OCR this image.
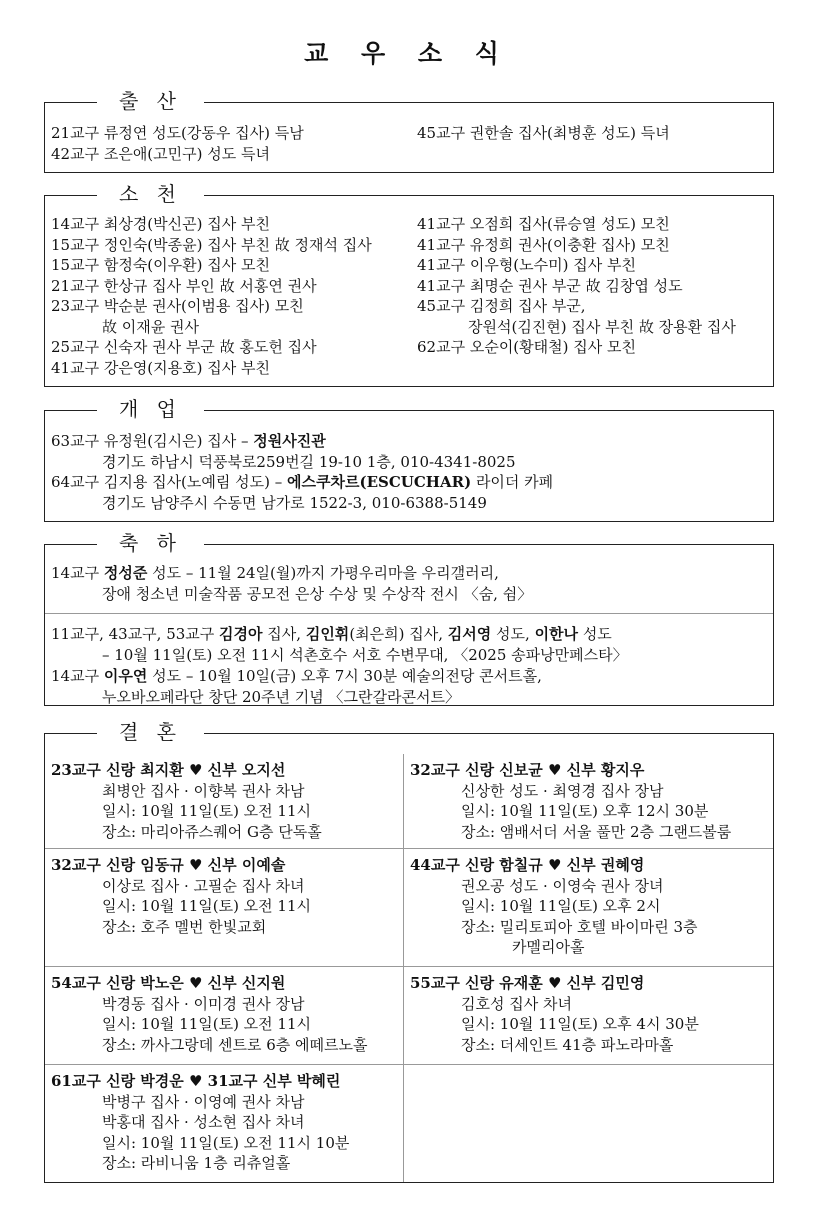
교 우 소 식
출 산
21교구 류정연 성도(강동우 집사) 득남
42교구 조은애(고민구) 성도 득녀
45교구 권한솔 집사(최병훈 성도) 득녀
소 천
14교구 최상경(박신곤) 집사 부친
15교구 정인숙(박종윤) 집사 부친 故 정재석 집사
15교구 함정숙(이우환) 집사 모친
21교구 한상규 집사 부인 故 서홍연 권사
23교구 박순분 권사(이범용 집사) 모친
故 이재윤 권사
25교구 신숙자 권사 부군 故 홍도헌 집사
41교구 강은영(지용호) 집사 부친
41교구 오점희 집사(류승열 성도) 모친
41교구 유정희 권사(이충환 집사) 모친
41교구 이우형(노수미) 집사 부친
41교구 최명순 권사 부군 故 김창엽 성도
45교구 김정희 집사 부군,
장원석(김진현) 집사 부친 故 장용환 집사
62교구 오순이(황태철) 집사 모친
개 업
63교구 유정원(김시은) 집사 – 정원사진관
경기도 하남시 덕풍북로259번길 19-10 1층, 010-4341-8025
64교구 김지용 집사(노예림 성도) – 에스쿠차르(ESCUCHAR) 라이더 카페
경기도 남양주시 수동면 남가로 1522-3, 010-6388-5149
축 하
14교구 정성준 성도 – 11월 24일(월)까지 가평우리마을 우리갤러리,
장애 청소년 미술작품 공모전 은상 수상 및 수상작 전시 〈숨, 쉼〉
11교구, 43교구, 53교구 김경아 집사, 김인휘(최은희) 집사, 김서영 성도, 이한나 성도
– 10월 11일(토) 오전 11시 석촌호수 서호 수변무대, 〈2025 송파낭만페스타〉
14교구 이우연 성도 – 10월 10일(금) 오후 7시 30분 예술의전당 콘서트홀,
누오바오페라단 창단 20주년 기념 〈그란갈라콘서트〉
결 혼
23교구 신랑 최지환 ♥ 신부 오지선
최병안 집사 · 이향복 권사 차남
일시: 10월 11일(토) 오전 11시
장소: 마리아쥬스퀘어 G층 단독홀
32교구 신랑 신보균 ♥ 신부 황지우
신상한 성도 · 최영경 집사 장남
일시: 10월 11일(토) 오후 12시 30분
장소: 앰배서더 서울 풀만 2층 그랜드볼룸
32교구 신랑 임동규 ♥ 신부 이예솔
이상로 집사 · 고필순 집사 차녀
일시: 10월 11일(토) 오전 11시
장소: 호주 멜번 한빛교회
44교구 신랑 함칠규 ♥ 신부 권혜영
권오공 성도 · 이영숙 권사 장녀
일시: 10월 11일(토) 오후 2시
장소: 밀리토피아 호텔 바이마린 3층
카멜리아홀
54교구 신랑 박노은 ♥ 신부 신지원
박경동 집사 · 이미경 권사 장남
일시: 10월 11일(토) 오전 11시
장소: 까사그랑데 센트로 6층 에떼르노홀
55교구 신랑 유재훈 ♥ 신부 김민영
김호성 집사 차녀
일시: 10월 11일(토) 오후 4시 30분
장소: 더세인트 41층 파노라마홀
61교구 신랑 박경운 ♥ 31교구 신부 박혜린
박병구 집사 · 이영예 권사 차남
박홍대 집사 · 성소현 집사 차녀
일시: 10월 11일(토) 오전 11시 10분
장소: 라비니움 1층 리츄얼홀
